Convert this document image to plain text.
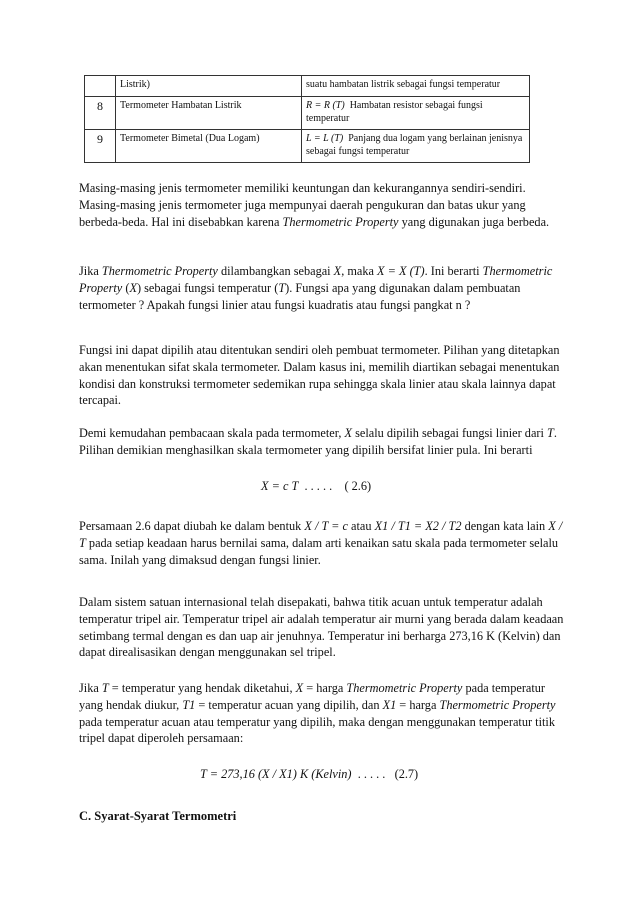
	Listrik)	suatu hambatan listrik sebagai fungsi temperatur
8	Termometer Hambatan Listrik	R = R (T) Hambatan resistor sebagai fungsi temperatur
9	Termometer Bimetal (Dua Logam)	L = L (T) Panjang dua logam yang berlainan jenisnya sebagai fungsi temperatur

Masing-masing jenis termometer memiliki keuntungan dan kekurangannya sendiri-sendiri. Masing-masing jenis termometer juga mempunyai daerah pengukuran dan batas ukur yang berbeda-beda. Hal ini disebabkan karena Thermometric Property yang digunakan juga berbeda.

Jika Thermometric Property dilambangkan sebagai X, maka X = X (T). Ini berarti Thermometric Property (X) sebagai fungsi temperatur (T). Fungsi apa yang digunakan dalam pembuatan termometer ? Apakah fungsi linier atau fungsi kuadratis atau fungsi pangkat n ?

Fungsi ini dapat dipilih atau ditentukan sendiri oleh pembuat termometer. Pilihan yang ditetapkan akan menentukan sifat skala termometer. Dalam kasus ini, memilih diartikan sebagai menentukan kondisi dan konstruksi termometer sedemikan rupa sehingga skala linier atau skala lainnya dapat tercapai.

Demi kemudahan pembacaan skala pada termometer, X selalu dipilih sebagai fungsi linier dari T. Pilihan demikian menghasilkan skala termometer yang dipilih bersifat linier pula. Ini berarti

X = c T . . . . . ( 2.6)

Persamaan 2.6 dapat diubah ke dalam bentuk X / T = c atau X1 / T1 = X2 / T2 dengan kata lain X / T pada setiap keadaan harus bernilai sama, dalam arti kenaikan satu skala pada termometer selalu sama. Inilah yang dimaksud dengan fungsi linier.

Dalam sistem satuan internasional telah disepakati, bahwa titik acuan untuk temperatur adalah temperatur tripel air. Temperatur tripel air adalah temperatur air murni yang berada dalam keadaan setimbang termal dengan es dan uap air jenuhnya. Temperatur ini berharga 273,16 K (Kelvin) dan dapat direalisasikan dengan menggunakan sel tripel.

Jika T = temperatur yang hendak diketahui, X = harga Thermometric Property pada temperatur yang hendak diukur, T1 = temperatur acuan yang dipilih, dan X1 = harga Thermometric Property pada temperatur acuan atau temperatur yang dipilih, maka dengan menggunakan temperatur titik tripel dapat diperoleh persamaan:

T = 273,16 (X / X1) K (Kelvin) . . . . . (2.7)
C. Syarat-Syarat Termometri
